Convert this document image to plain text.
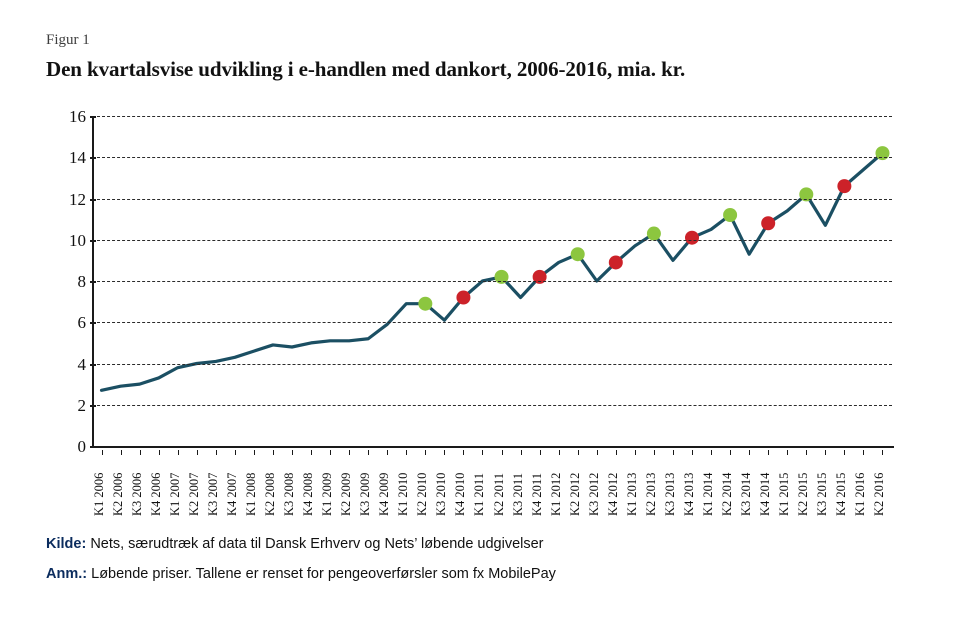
Figur 1
Den kvartalsvise udvikling i e-handlen med dankort, 2006-2016, mia. kr.
0
2
4
6
8
10
12
14
16
K1 2006 K2 2006 K3 2006 K4 2006 K1 2007 K2 2007 K3 2007 K4 2007 K1 2008 K2 2008 K3 2008 K4 2008 K1 2009 K2 2009 K3 2009 K4 2009 K1 2010 K2 2010 K3 2010 K4 2010 K1 2011 K2 2011 K3 2011 K4 2011 K1 2012 K2 2012 K3 2012 K4 2012 K1 2013 K2 2013 K3 2013 K4 2013 K1 2014 K2 2014 K3 2014 K4 2014 K1 2015 K2 2015 K3 2015 K4 2015 K1 2016 K2 2016
Kilde: Nets, særudtræk af data til Dansk Erhverv og Nets’ løbende udgivelser
Anm.: Løbende priser. Tallene er renset for pengeoverførsler som fx MobilePay
